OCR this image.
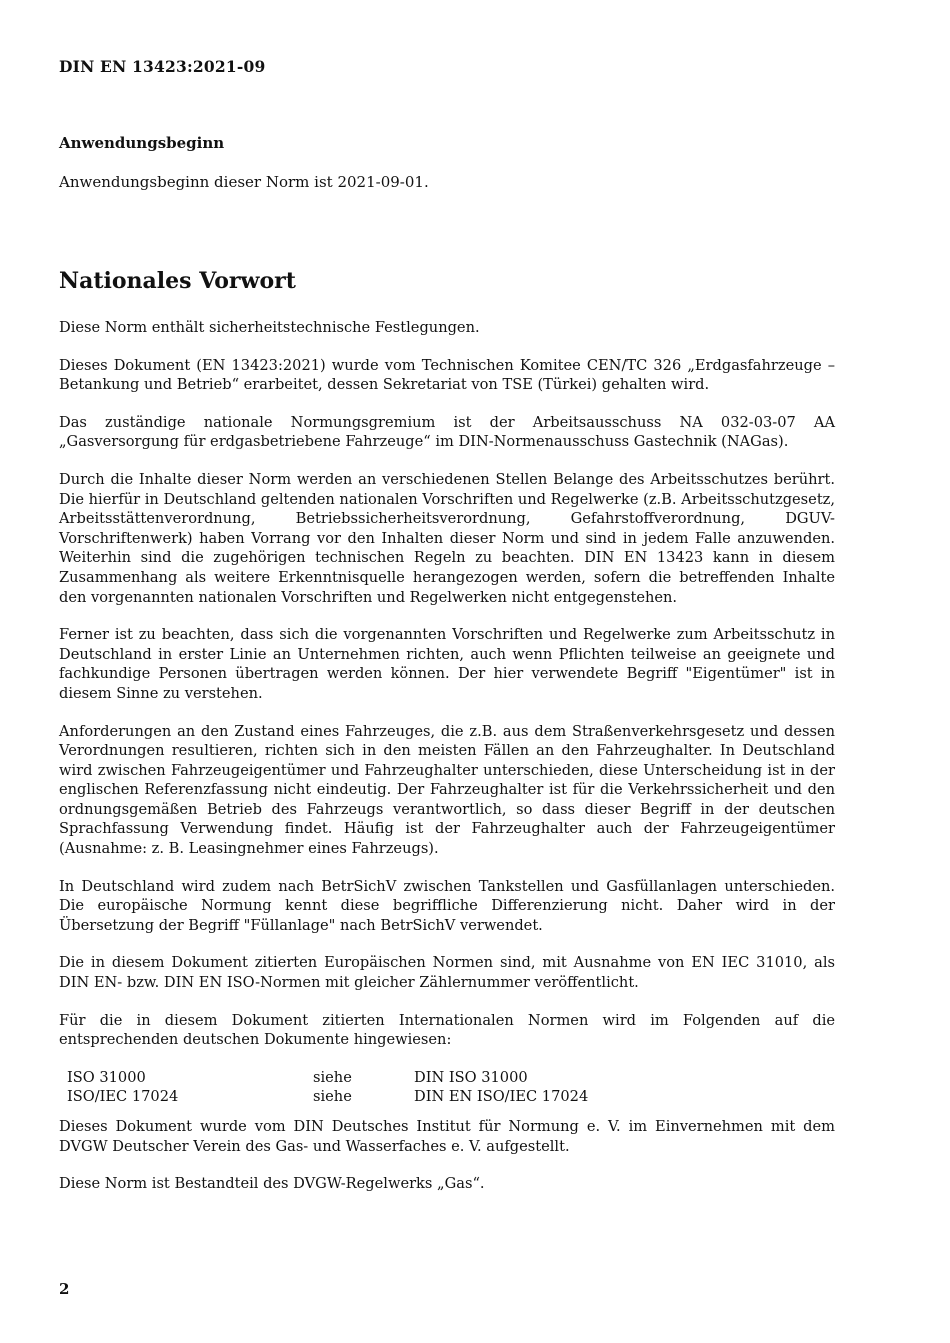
DIN EN 13423:2021-09
Anwendungsbeginn
Anwendungsbeginn dieser Norm ist 2021-09-01.
Nationales Vorwort

Diese Norm enthält sicherheitstechnische Festlegungen.

Dieses Dokument (EN 13423:2021) wurde vom Technischen Komitee CEN/TC 326 „Erdgasfahrzeuge – Betankung und Betrieb“ erarbeitet, dessen Sekretariat von TSE (Türkei) gehalten wird.

Das zuständige nationale Normungsgremium ist der Arbeitsausschuss NA 032-03-07 AA „Gasversorgung für erdgasbetriebene Fahrzeuge“ im DIN-Normenausschuss Gastechnik (NAGas).

Durch die Inhalte dieser Norm werden an verschiedenen Stellen Belange des Arbeitsschutzes berührt. Die hierfür in Deutschland geltenden nationalen Vorschriften und Regelwerke (z.B. Arbeitsschutzgesetz, Arbeitsstättenverordnung, Betriebssicherheitsverordnung, Gefahrstoffverordnung, DGUV-Vorschriftenwerk) haben Vorrang vor den Inhalten dieser Norm und sind in jedem Falle anzuwenden. Weiterhin sind die zugehörigen technischen Regeln zu beachten. DIN EN 13423 kann in diesem Zusammenhang als weitere Erkenntnisquelle herangezogen werden, sofern die betreffenden Inhalte den vorgenannten nationalen Vorschriften und Regelwerken nicht entgegenstehen.

Ferner ist zu beachten, dass sich die vorgenannten Vorschriften und Regelwerke zum Arbeitsschutz in Deutschland in erster Linie an Unternehmen richten, auch wenn Pflichten teilweise an geeignete und fachkundige Personen übertragen werden können. Der hier verwendete Begriff "Eigentümer" ist in diesem Sinne zu verstehen.

Anforderungen an den Zustand eines Fahrzeuges, die z.B. aus dem Straßenverkehrsgesetz und dessen Verordnungen resultieren, richten sich in den meisten Fällen an den Fahrzeughalter. In Deutschland wird zwischen Fahrzeugeigentümer und Fahrzeughalter unterschieden, diese Unterscheidung ist in der englischen Referenzfassung nicht eindeutig. Der Fahrzeughalter ist für die Verkehrssicherheit und den ordnungsgemäßen Betrieb des Fahrzeugs verantwortlich, so dass dieser Begriff in der deutschen Sprachfassung Verwendung findet. Häufig ist der Fahrzeughalter auch der Fahrzeugeigentümer (Ausnahme: z. B. Leasingnehmer eines Fahrzeugs).

In Deutschland wird zudem nach BetrSichV zwischen Tankstellen und Gasfüllanlagen unterschieden. Die europäische Normung kennt diese begriffliche Differenzierung nicht. Daher wird in der Übersetzung der Begriff "Füllanlage" nach BetrSichV verwendet.

Die in diesem Dokument zitierten Europäischen Normen sind, mit Ausnahme von EN IEC 31010, als DIN EN- bzw. DIN EN ISO-Normen mit gleicher Zählernummer veröffentlicht.

Für die in diesem Dokument zitierten Internationalen Normen wird im Folgenden auf die entsprechenden deutschen Dokumente hingewiesen:

ISO 31000	siehe	DIN ISO 31000
ISO/IEC 17024	siehe	DIN EN ISO/IEC 17024

Dieses Dokument wurde vom DIN Deutsches Institut für Normung e. V. im Einvernehmen mit dem DVGW Deutscher Verein des Gas- und Wasserfaches e. V. aufgestellt.

Diese Norm ist Bestandteil des DVGW-Regelwerks „Gas“.

2
